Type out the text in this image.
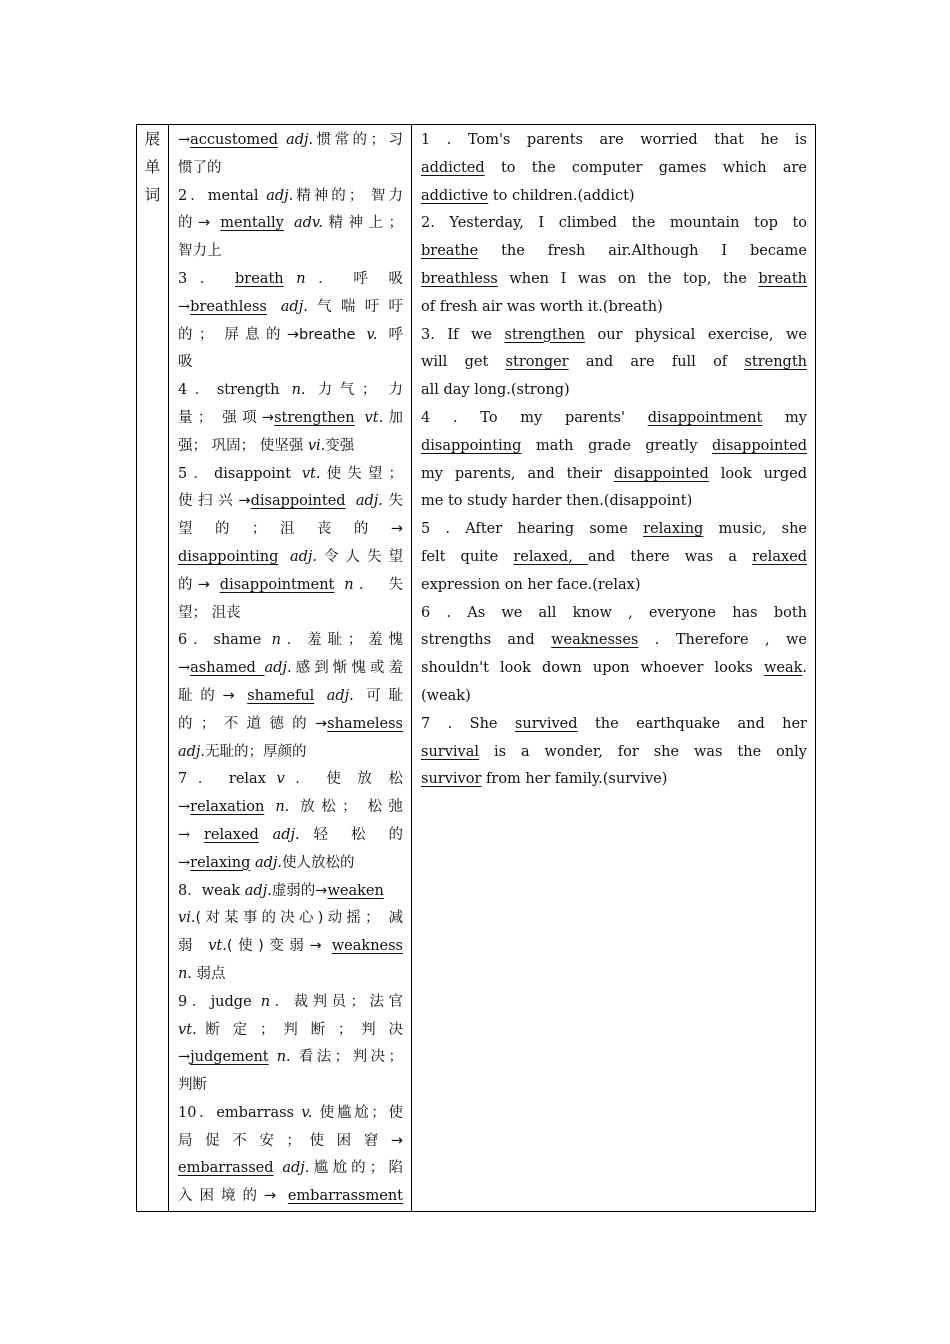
展
单
词

→accustomed adj.惯常的；习
惯了的
2．mental adj.精神的； 智力
的→ mentally adv.精神上；
智力上
3 ． breath n ． 呼 吸
→breathless adj.气喘吁吁
的； 屏息的→breathe v. 呼
吸
4．strength n. 力气； 力
量； 强项→strengthen vt.加
强； 巩固； 使坚强 vi.变强
5．disappoint vt.使失望；
使扫兴→disappointed adj.失
望 的 ； 沮 丧 的 →
disappointing adj.令人失望
的→ disappointment n． 失
望； 沮丧
6．shame n．羞耻；羞愧
→ashamed adj.感到惭愧或羞
耻的→ shameful adj. 可耻
的；不道德的→shameless
adj.无耻的；厚颜的
7 ． relax v ． 使 放 松
→relaxation n. 放松； 松弛
→ relaxed adj. 轻 松 的
→relaxing adj.使人放松的
8．weak adj.虚弱的→weaken
vi.(对某事的决心)动摇； 减
弱 vt.(使)变弱→ weakness
n. 弱点
9．judge n．裁判员；法官
vt. 断 定 ； 判 断 ； 判 决
→judgement n. 看法；判决；
判断
10．embarrass v. 使尴尬；使
局 促 不 安 ； 使 困 窘 →
embarrassed adj.尴尬的；陷
入困境的→ embarrassment

1 . Tom's parents are worried that he is
addicted to the computer games which are
addictive to children.(addict)
2. Yesterday, I climbed the mountain top to
breathe the fresh air.Although I became
breathless when I was on the top, the breath
of fresh air was worth it.(breath)
3. If we strengthen our physical exercise, we
will get stronger and are full of strength
all day long.(strong)
4 . To my parents' disappointment my
disappointing math grade greatly disappointed
my parents, and their disappointed look urged
me to study harder then.(disappoint)
5 . After hearing some relaxing music, she
felt quite relaxed, and there was a relaxed
expression on her face.(relax)
6 . As we all know , everyone has both
strengths and weaknesses . Therefore , we
shouldn't look down upon whoever looks weak.
(weak)
7 . She survived the earthquake and her
survival is a wonder, for she was the only
survivor from her family.(survive)
